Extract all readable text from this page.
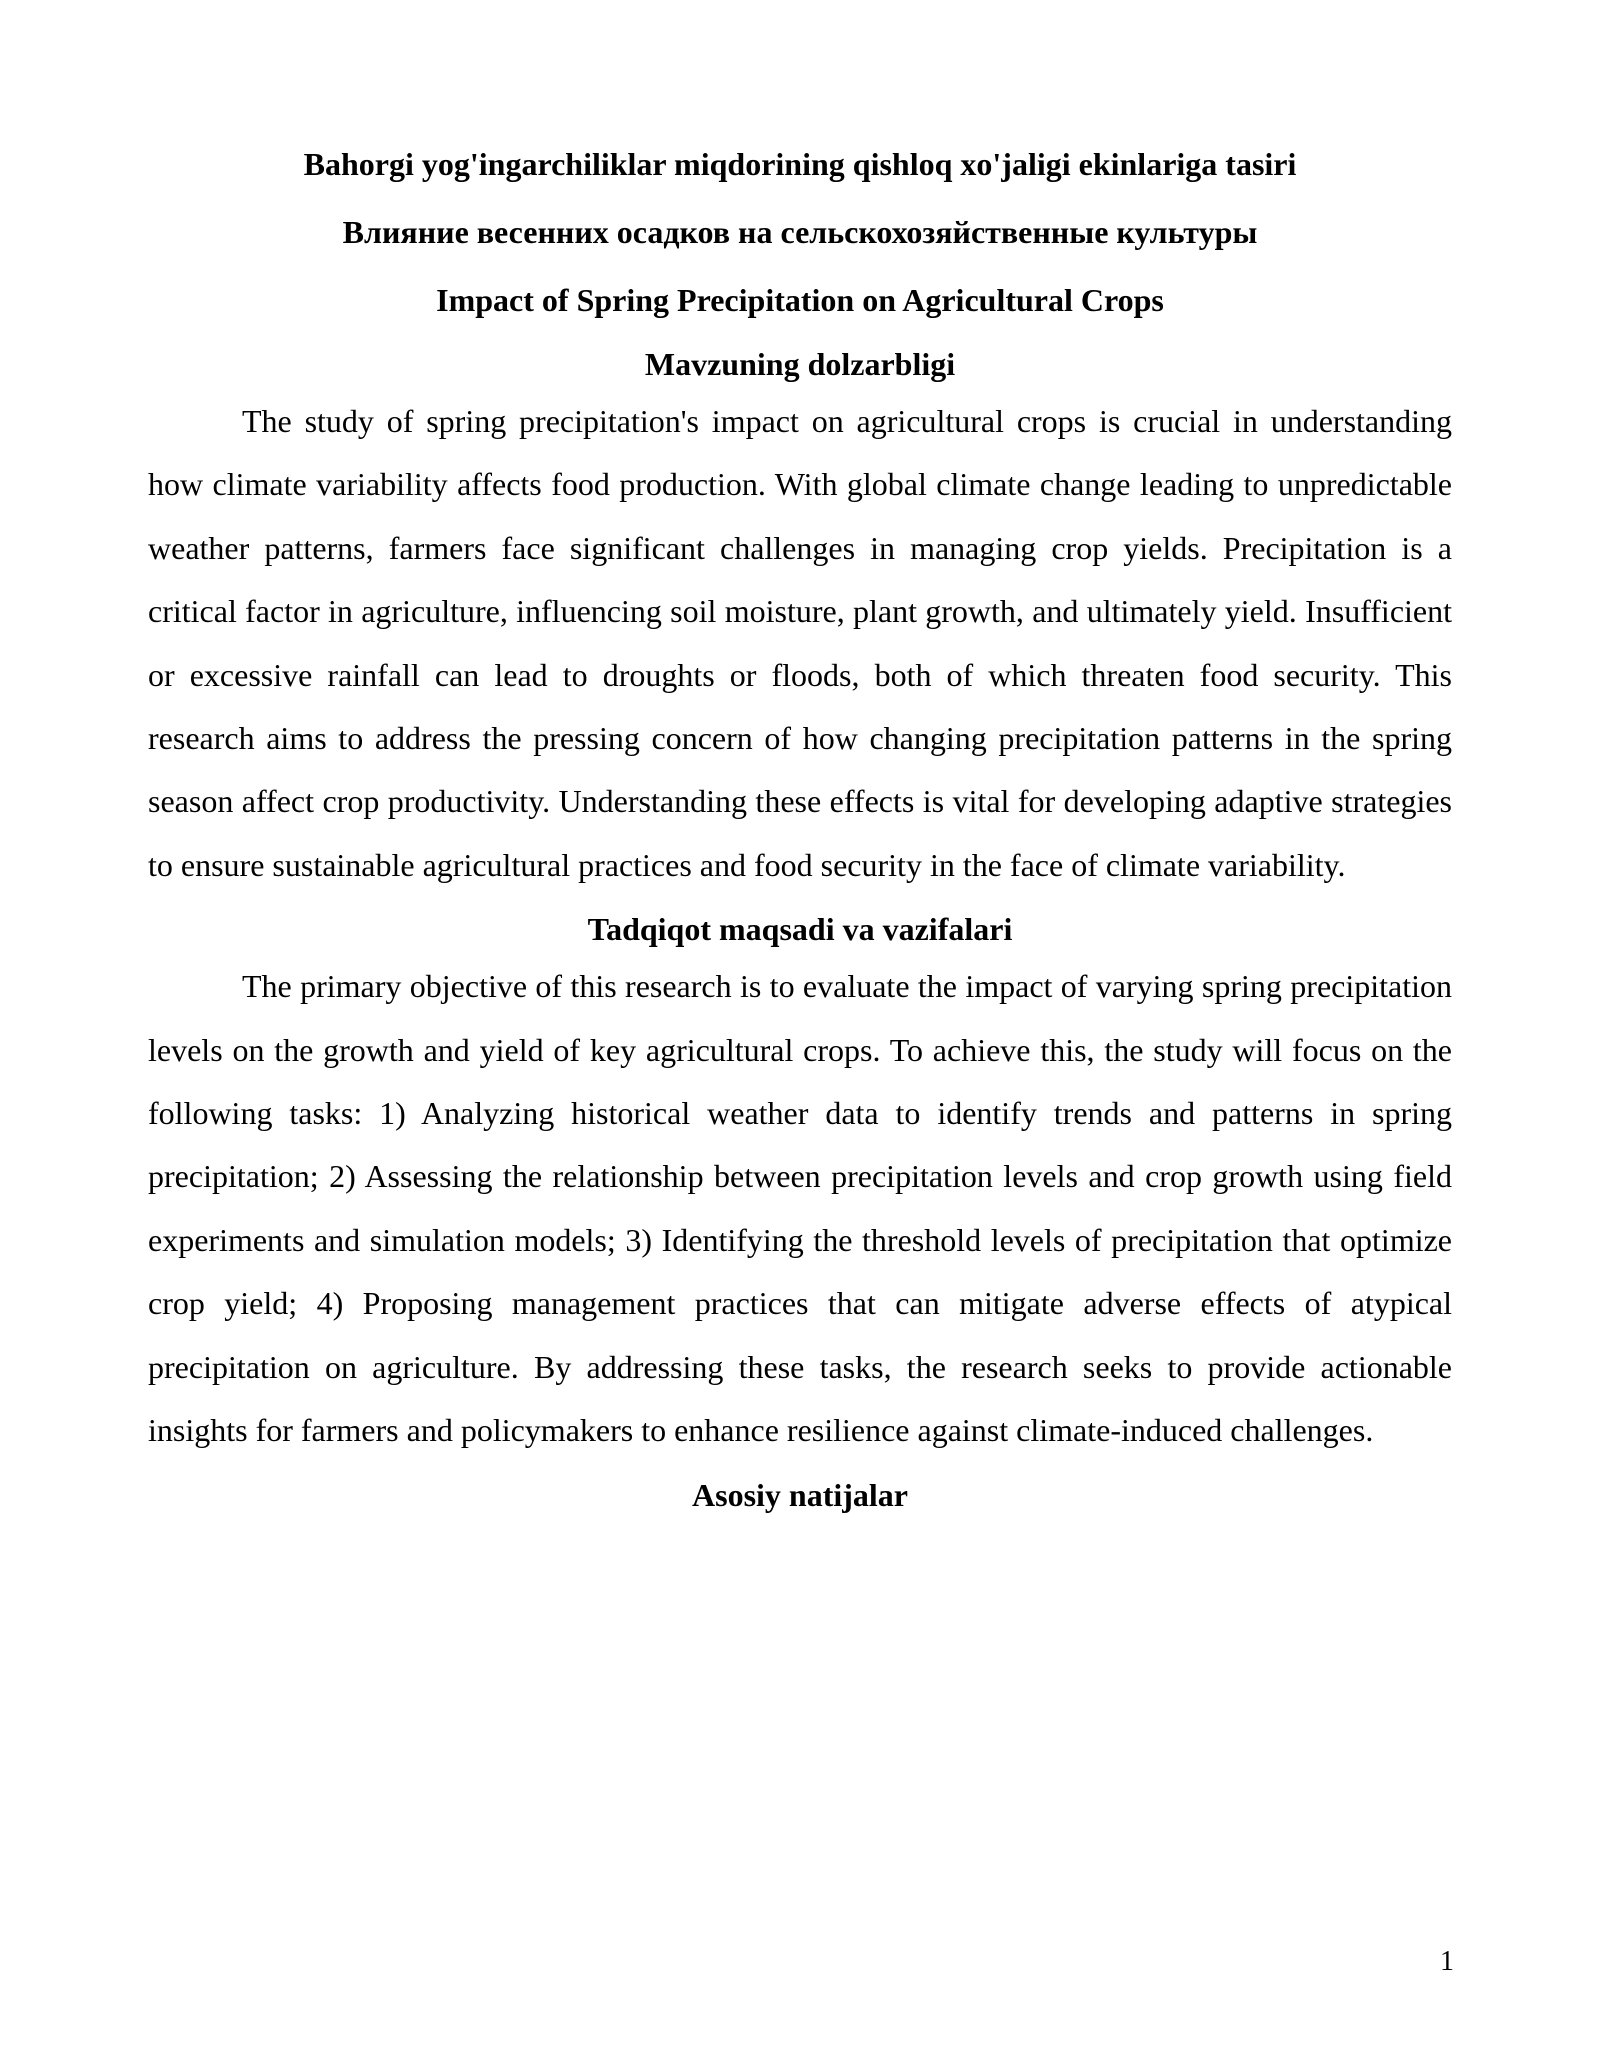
Bahorgi yog'ingarchiliklar miqdorining qishloq xo'jaligi ekinlariga tasiri

Влияние весенних осадков на сельскохозяйственные культуры

Impact of Spring Precipitation on Agricultural Crops

Mavzuning dolzarbligi

The study of spring precipitation's impact on agricultural crops is crucial in understanding how climate variability affects food production. With global climate change leading to unpredictable weather patterns, farmers face significant challenges in managing crop yields. Precipitation is a critical factor in agriculture, influencing soil moisture, plant growth, and ultimately yield. Insufficient or excessive rainfall can lead to droughts or floods, both of which threaten food security. This research aims to address the pressing concern of how changing precipitation patterns in the spring season affect crop productivity. Understanding these effects is vital for developing adaptive strategies to ensure sustainable agricultural practices and food security in the face of climate variability.

Tadqiqot maqsadi va vazifalari

The primary objective of this research is to evaluate the impact of varying spring precipitation levels on the growth and yield of key agricultural crops. To achieve this, the study will focus on the following tasks: 1) Analyzing historical weather data to identify trends and patterns in spring precipitation; 2) Assessing the relationship between precipitation levels and crop growth using field experiments and simulation models; 3) Identifying the threshold levels of precipitation that optimize crop yield; 4) Proposing management practices that can mitigate adverse effects of atypical precipitation on agriculture. By addressing these tasks, the research seeks to provide actionable insights for farmers and policymakers to enhance resilience against climate-induced challenges.

Asosiy natijalar

1
